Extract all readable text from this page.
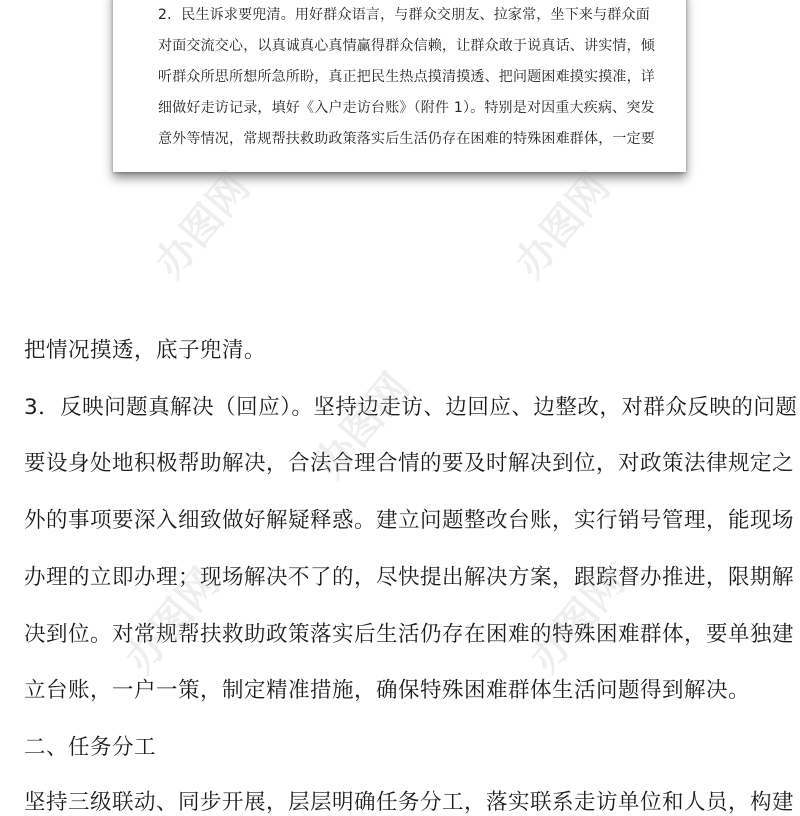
2．民生诉求要兜清。用好群众语言，与群众交朋友、拉家常，坐下来与群众面
对面交流交心，以真诚真心真情赢得群众信赖，让群众敢于说真话、讲实情，倾
听群众所思所想所急所盼，真正把民生热点摸清摸透、把问题困难摸实摸准，详
细做好走访记录，填好《入户走访台账》（附件 1）。特别是对因重大疾病、突发
意外等情况，常规帮扶救助政策落实后生活仍存在困难的特殊困难群体，一定要
把情况摸透，底子兜清。
3．反映问题真解决（回应）。坚持边走访、边回应、边整改，对群众反映的问题
要设身处地积极帮助解决，合法合理合情的要及时解决到位，对政策法律规定之
外的事项要深入细致做好解疑释惑。建立问题整改台账，实行销号管理，能现场
办理的立即办理；现场解决不了的，尽快提出解决方案，跟踪督办推进，限期解
决到位。对常规帮扶救助政策落实后生活仍存在困难的特殊困难群体，要单独建
立台账，一户一策，制定精准措施，确保特殊困难群体生活问题得到解决。
二、任务分工
坚持三级联动、同步开展，层层明确任务分工，落实联系走访单位和人员，构建
办图网	办图网
办图网
办图网	办图网
